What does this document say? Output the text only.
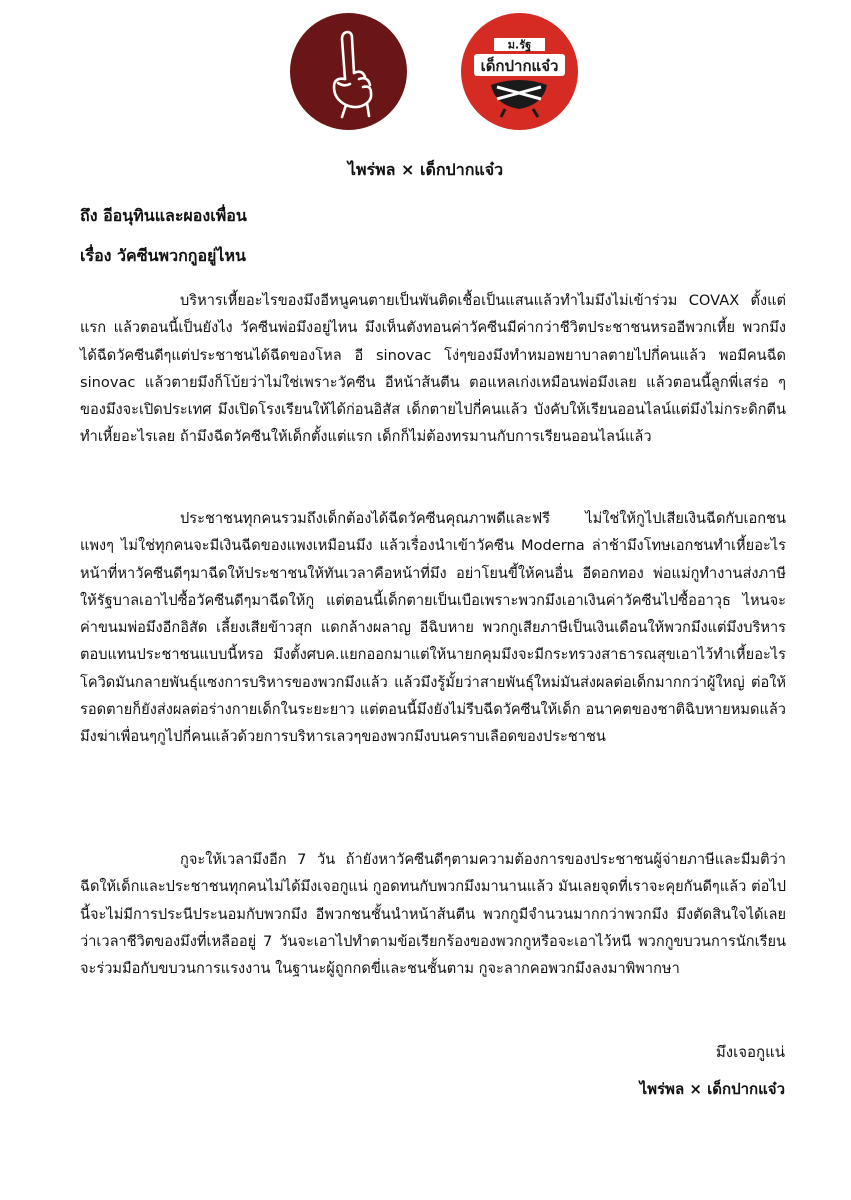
ม.รัฐ
เด็กปากแจ๋ว
ไพร่พล × เด็กปากแจ๋ว
ถึง อีอนุทินและผองเพื่อน
เรื่อง วัคซีนพวกกูอยู่ไหน

บริหารเหี้ยอะไรของมึงอีหนูคนตายเป็นพันติดเชื้อเป็นแสนแล้วทำไมมึงไม่เข้าร่วม COVAX ตั้งแต่แรก แล้วตอนนี้เป็นยังไง วัคซีนพ่อมึงอยู่ไหน มึงเห็นตังทอนค่าวัคซีนมีค่ากว่าชีวิตประชาชนหรออีพวกเหี้ย พวกมึงได้ฉีดวัคซีนดีๆแต่ประชาชนได้ฉีดของโหล อี sinovac โง่ๆของมึงทำหมอพยาบาลตายไปกี่คนแล้ว พอมีคนฉีด sinovac แล้วตายมึงก็โบ้ยว่าไม่ใช่เพราะวัคซีน อีหน้าส้นตีน ตอแหลเก่งเหมือนพ่อมึงเลย แล้วตอนนี้ลูกพี่เสร่อ ๆ ของมึงจะเปิดประเทศ มึงเปิดโรงเรียนให้ได้ก่อนอิสัส เด็กตายไปกี่คนแล้ว บังคับให้เรียนออนไลน์แต่มึงไม่กระดิกตีนทำเหี้ยอะไรเลย ถ้ามึงฉีดวัคซีนให้เด็กตั้งแต่แรก เด็กก็ไม่ต้องทรมานกับการเรียนออนไลน์แล้ว

ประชาชนทุกคนรวมถึงเด็กต้องได้ฉีดวัคซีนคุณภาพดีและฟรี ไม่ใช่ให้กูไปเสียเงินฉีดกับเอกชนแพงๆ ไม่ใช่ทุกคนจะมีเงินฉีดของแพงเหมือนมึง แล้วเรื่องนำเข้าวัคซีน Moderna ล่าช้ามึงโทษเอกชนทำเหี้ยอะไร หน้าที่หาวัคซีนดีๆมาฉีดให้ประชาชนให้ทันเวลาคือหน้าที่มึง อย่าโยนขี้ให้คนอื่น อีดอกทอง พ่อแม่กูทำงานส่งภาษีให้รัฐบาลเอาไปซื้อวัคซีนดีๆมาฉีดให้กู แต่ตอนนี้เด็กตายเป็นเบือเพราะพวกมึงเอาเงินค่าวัคซีนไปซื้ออาวุธ ไหนจะค่าขนมพ่อมึงอีกอิสัด เลี้ยงเสียข้าวสุก แดกล้างผลาญ อีฉิบหาย พวกกูเสียภาษีเป็นเงินเดือนให้พวกมึงแต่มึงบริหารตอบแทนประชาชนแบบนี้หรอ มึงตั้งศบค.แยกออกมาแต่ให้นายกคุมมึงจะมีกระทรวงสาธารณสุขเอาไว้ทำเหี้ยอะไร โควิดมันกลายพันธุ์แซงการบริหารของพวกมึงแล้ว แล้วมึงรู้มั้ยว่าสายพันธุ์ใหม่มันส่งผลต่อเด็กมากกว่าผู้ใหญ่ ต่อให้รอดตายก็ยังส่งผลต่อร่างกายเด็กในระยะยาว แต่ตอนนี้มึงยังไม่รีบฉีดวัคซีนให้เด็ก อนาคตของชาติฉิบหายหมดแล้ว มึงฆ่าเพื่อนๆกูไปกี่คนแล้วด้วยการบริหารเลวๆของพวกมึงบนคราบเลือดของประชาชน

กูจะให้เวลามึงอีก 7 วัน ถ้ายังหาวัคซีนดีๆตามความต้องการของประชาชนผู้จ่ายภาษีและมีมติว่าฉีดให้เด็กและประชาชนทุกคนไม่ได้มึงเจอกูแน่ กูอดทนกับพวกมึงมานานแล้ว มันเลยจุดที่เราจะคุยกันดีๆแล้ว ต่อไปนี้จะไม่มีการประนีประนอมกับพวกมึง อีพวกชนชั้นนำหน้าส้นตีน พวกกูมีจำนวนมากกว่าพวกมึง มึงตัดสินใจได้เลยว่าเวลาชีวิตของมึงที่เหลืออยู่ 7 วันจะเอาไปทำตามข้อเรียกร้องของพวกกูหรือจะเอาไว้หนี พวกกูขบวนการนักเรียนจะร่วมมือกับขบวนการแรงงาน ในฐานะผู้ถูกกดขี่และชนชั้นตาม กูจะลากคอพวกมึงลงมาพิพากษา

มึงเจอกูแน่
ไพร่พล × เด็กปากแจ๋ว
